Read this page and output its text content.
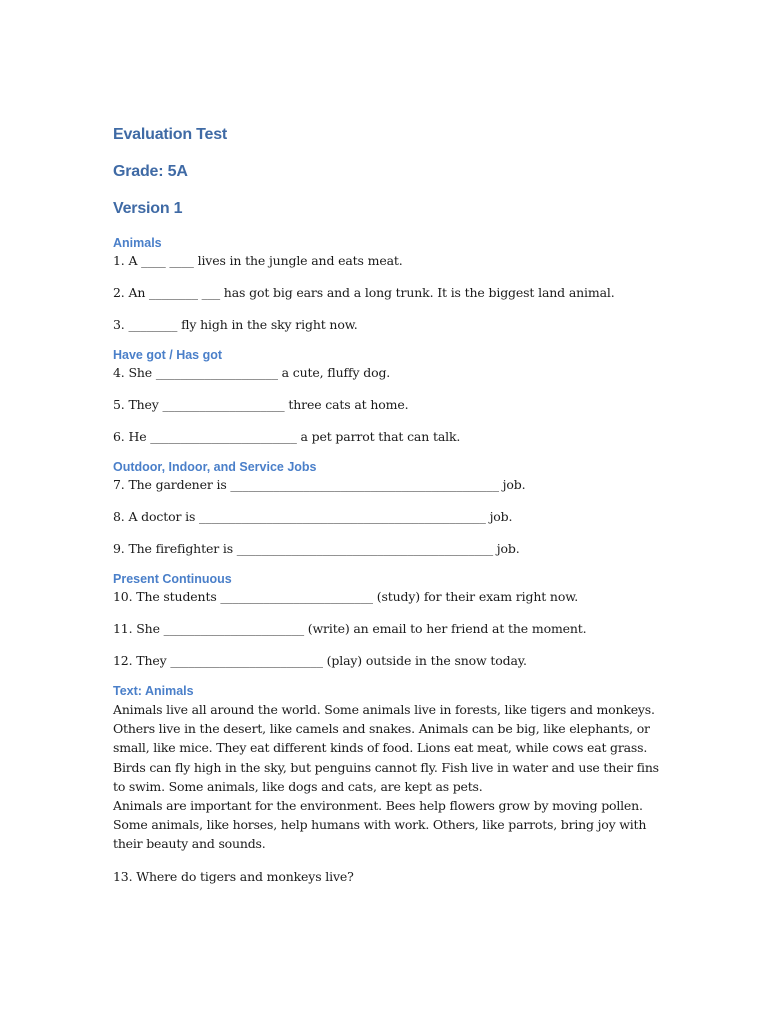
Evaluation Test
Grade: 5A
Version 1
Animals

1. A ____ ____ lives in the jungle and eats meat.

2. An ________ ___ has got big ears and a long trunk. It is the biggest land animal.

3. ________ fly high in the sky right now.

Have got / Has got

4. She ____________________ a cute, fluffy dog.

5. They ____________________ three cats at home.

6. He ________________________ a pet parrot that can talk.

Outdoor, Indoor, and Service Jobs

7. The gardener is ____________________________________________ job.

8. A doctor is _______________________________________________ job.

9. The firefighter is __________________________________________ job.

Present Continuous

10. The students _________________________ (study) for their exam right now.

11. She _______________________ (write) an email to her friend at the moment.

12. They _________________________ (play) outside in the snow today.

Text: Animals

Animals live all around the world. Some animals live in forests, like tigers and monkeys. Others live in the desert, like camels and snakes. Animals can be big, like elephants, or small, like mice. They eat different kinds of food. Lions eat meat, while cows eat grass. Birds can fly high in the sky, but penguins cannot fly. Fish live in water and use their fins to swim. Some animals, like dogs and cats, are kept as pets.

Animals are important for the environment. Bees help flowers grow by moving pollen. Some animals, like horses, help humans with work. Others, like parrots, bring joy with their beauty and sounds.

13. Where do tigers and monkeys live?
